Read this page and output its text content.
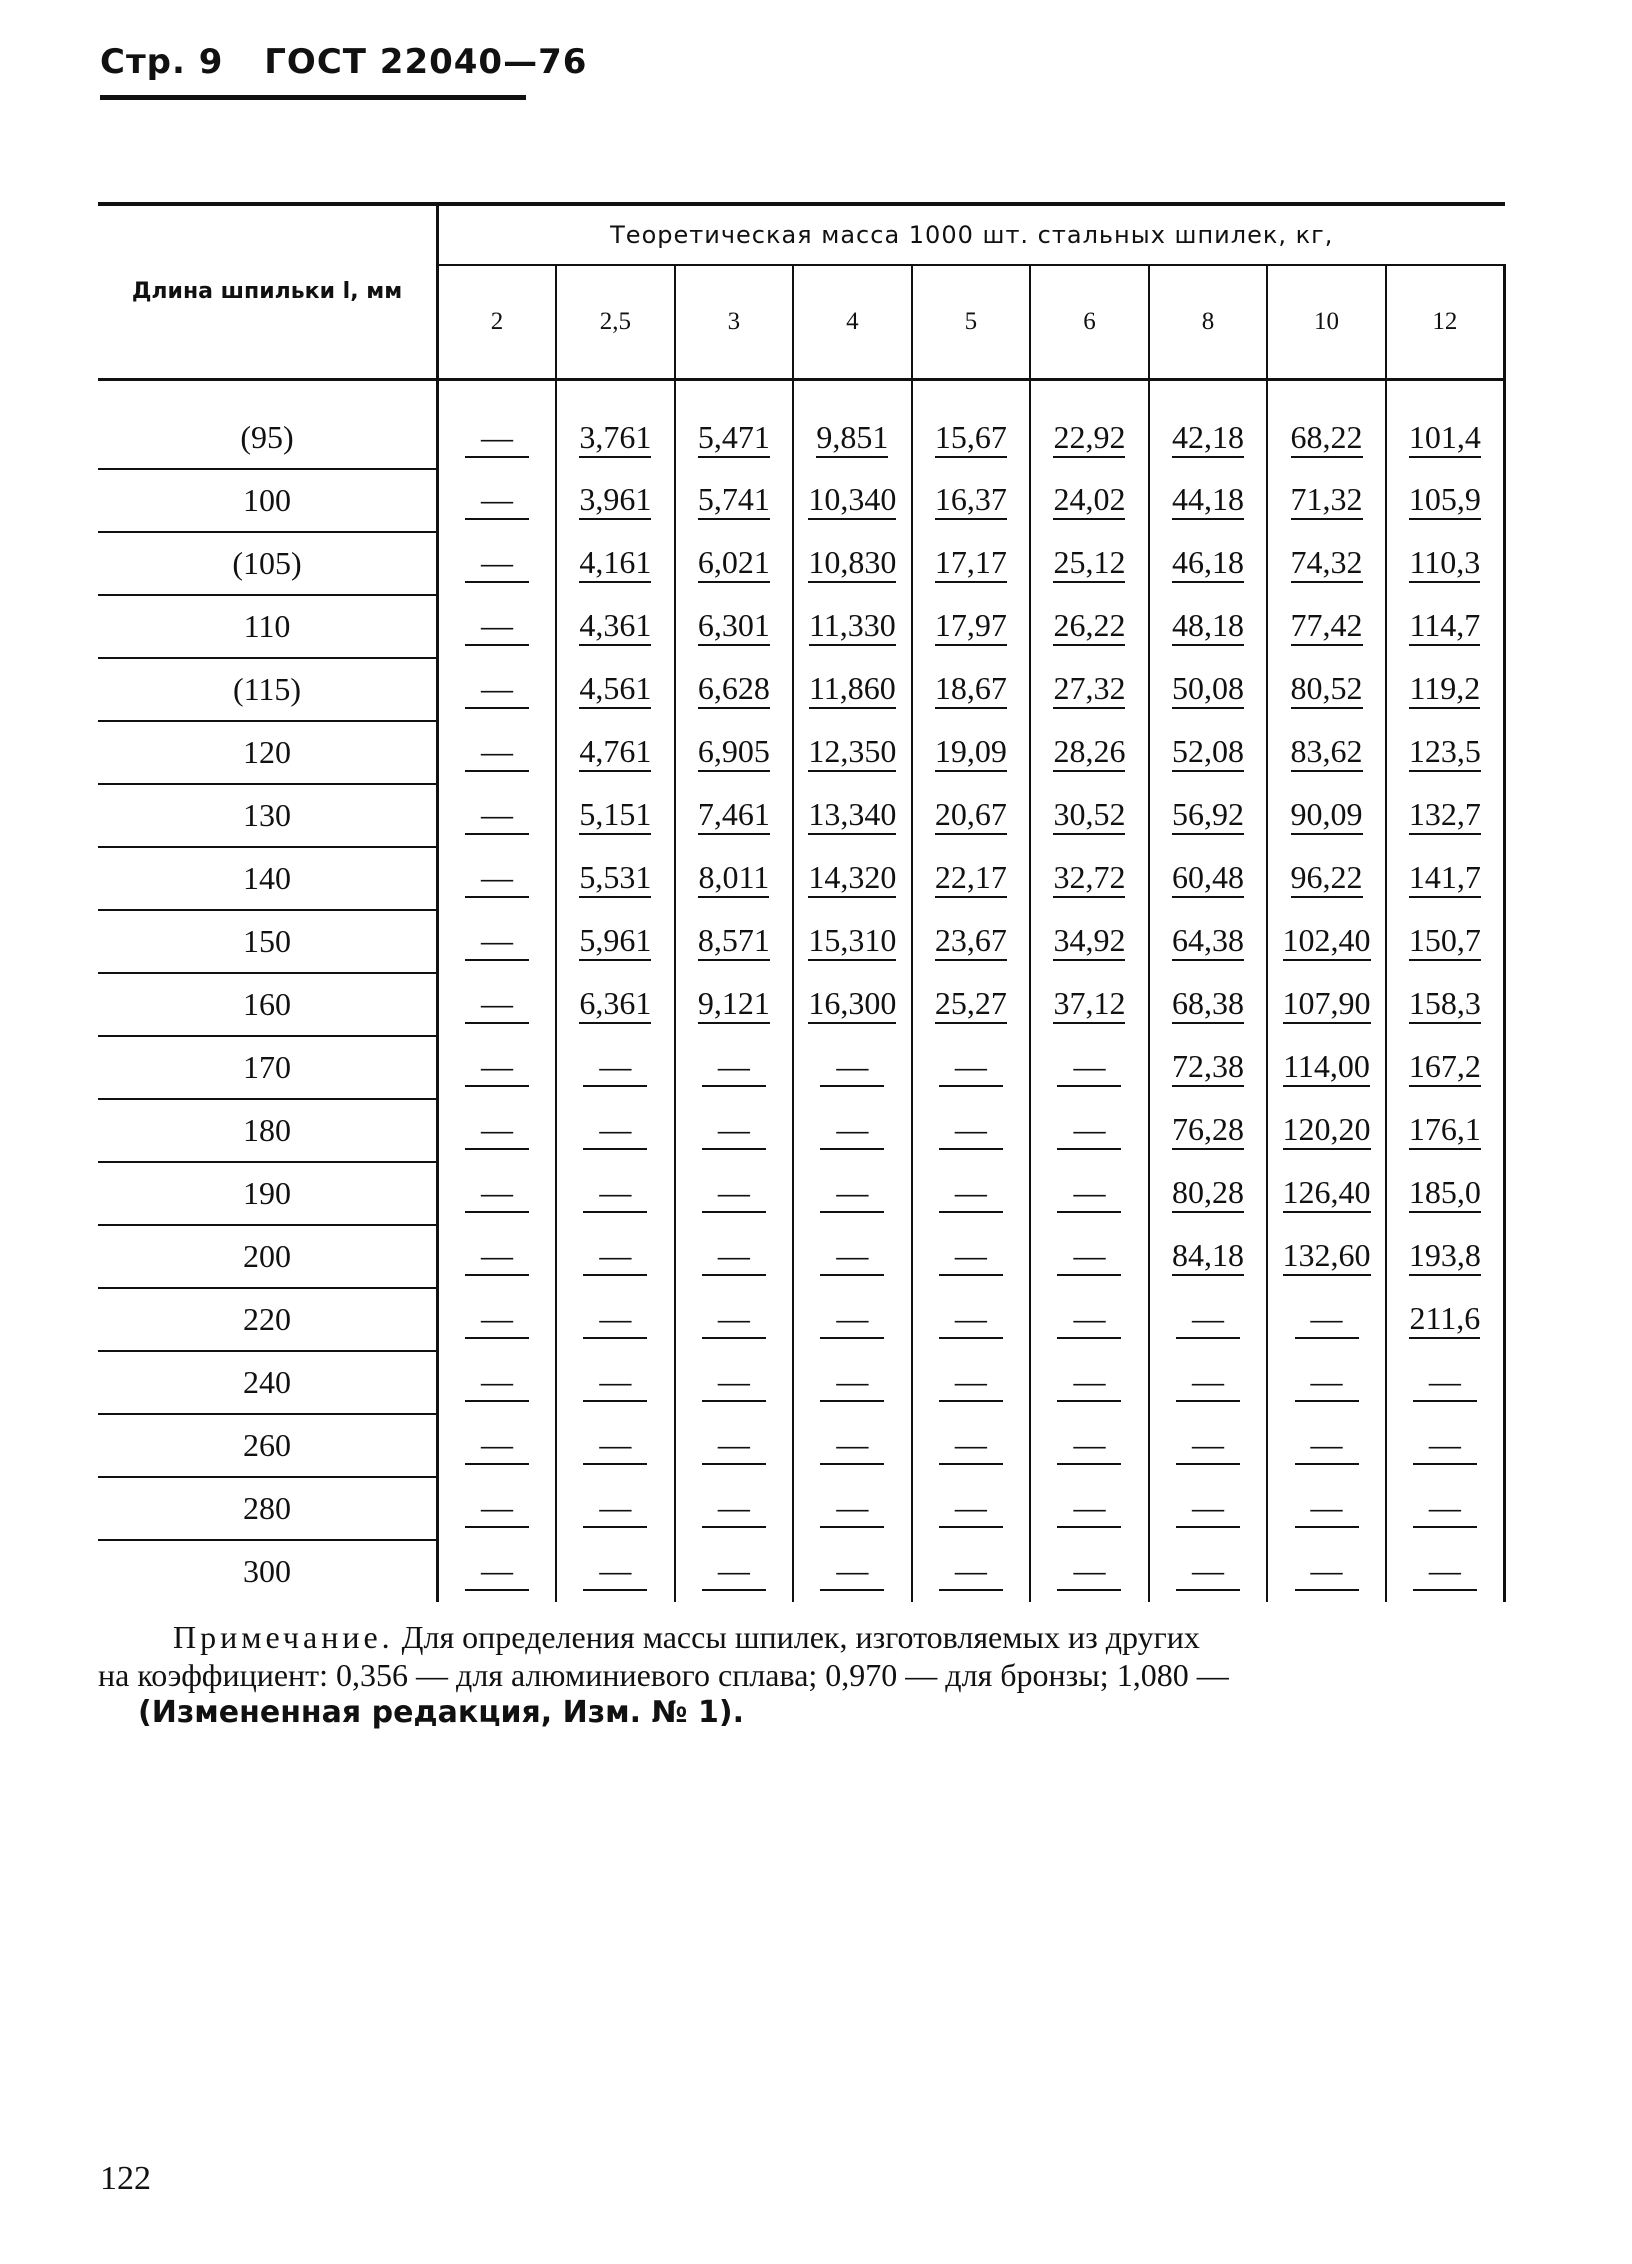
Стр. 9 ГОСТ 22040—76
Длина шпильки l, мм	Теоретическая масса 1000 шт. стальных шпилек, кг,								
	2	2,5	3	4	5	6	8	10	12
(95)	—	3,761	5,471	9,851	15,67	22,92	42,18	68,22	101,4
100	—	3,961	5,741	10,340	16,37	24,02	44,18	71,32	105,9
(105)	—	4,161	6,021	10,830	17,17	25,12	46,18	74,32	110,3
110	—	4,361	6,301	11,330	17,97	26,22	48,18	77,42	114,7
(115)	—	4,561	6,628	11,860	18,67	27,32	50,08	80,52	119,2
120	—	4,761	6,905	12,350	19,09	28,26	52,08	83,62	123,5
130	—	5,151	7,461	13,340	20,67	30,52	56,92	90,09	132,7
140	—	5,531	8,011	14,320	22,17	32,72	60,48	96,22	141,7
150	—	5,961	8,571	15,310	23,67	34,92	64,38	102,40	150,7
160	—	6,361	9,121	16,300	25,27	37,12	68,38	107,90	158,3
170	—	—	—	—	—	—	72,38	114,00	167,2
180	—	—	—	—	—	—	76,28	120,20	176,1
190	—	—	—	—	—	—	80,28	126,40	185,0
200	—	—	—	—	—	—	84,18	132,60	193,8
220	—	—	—	—	—	—	—	—	211,6
240	—	—	—	—	—	—	—	—	—
260	—	—	—	—	—	—	—	—	—
280	—	—	—	—	—	—	—	—	—
300	—	—	—	—	—	—	—	—	—
Примечание. Для определения массы шпилек, изготовляемых из других
на коэффициент: 0,356 — для алюминиевого сплава; 0,970 — для бронзы; 1,080 —
(Измененная редакция, Изм. № 1).
122
